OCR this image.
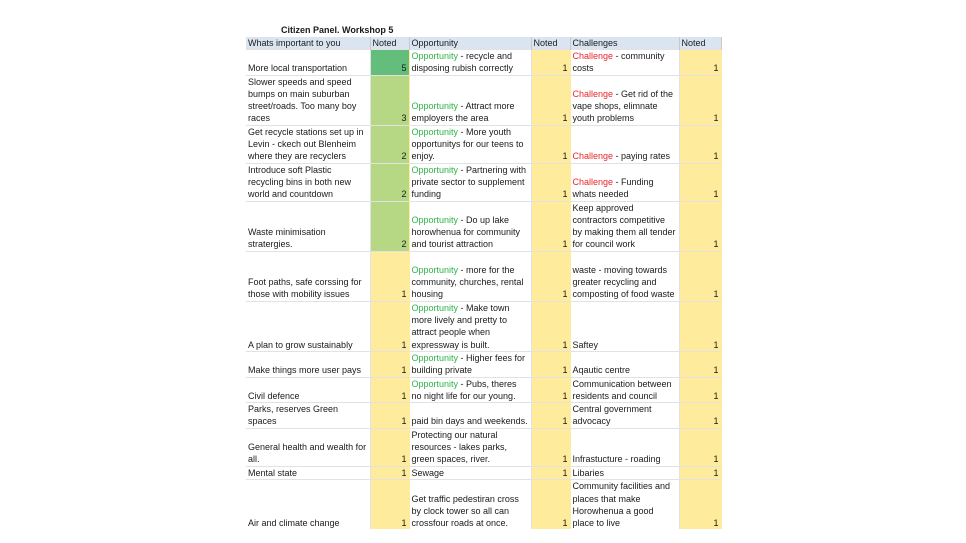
Citizen Panel. Workshop 5
Whats important to you	Noted	Opportunity	Noted	Challenges	Noted
More local transportation	5	Opportunity - recycle and disposing rubish correctly	1	Challenge - community costs	1
Slower speeds and speed bumps on main suburban street/roads. Too many boy races	3	Opportunity - Attract more employers the area	1	Challenge - Get rid of the vape shops, elimnate youth problems	1
Get recycle stations set up in Levin - ckech out Blenheim where they are recyclers	2	Opportunity - More youth opportunitys for our teens to enjoy.	1	Challenge - paying rates	1
Introduce soft Plastic recycling bins in both new world and countdown	2	Opportunity - Partnering with private sector to supplement funding	1	Challenge - Funding whats needed	1
Waste minimisation stratergies.	2	Opportunity - Do up lake horowhenua for community and tourist attraction	1	Keep approved contractors competitive by making them all tender for council work	1
Foot paths, safe corssing for those with mobility issues	1	Opportunity - more for the community, churches, rental housing	1	waste - moving towards greater recycling and composting of food waste	1
A plan to grow sustainably	1	Opportunity - Make town more lively and pretty to attract people when expressway is built.	1	Saftey	1
Make things more user pays	1	Opportunity - Higher fees for building private	1	Aqautic centre	1
Civil defence	1	Opportunity - Pubs, theres no night life for our young.	1	Communication between residents and council	1
Parks, reserves Green spaces	1	paid bin days and weekends.	1	Central government advocacy	1
General health and wealth for all.	1	Protecting our natural resources - lakes parks, green spaces, river.	1	Infrastucture - roading	1
Mental state	1	Sewage	1	Libaries	1
Air and climate change	1	Get traffic pedestiran cross by clock tower so all can crossfour roads at once.	1	Community facilities and places that make Horowhenua a good place to live	1
